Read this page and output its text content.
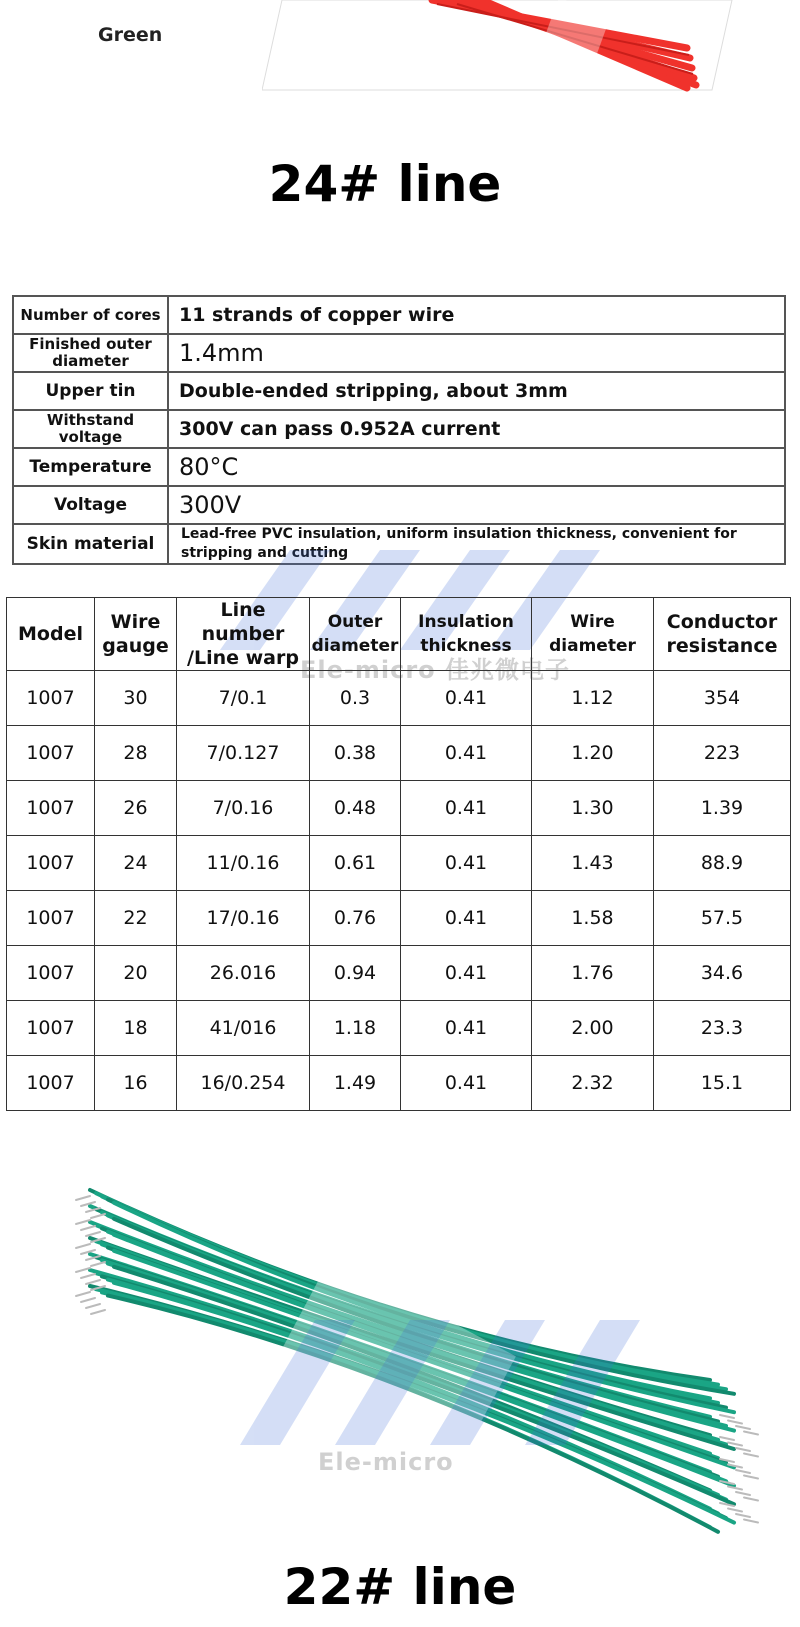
Green
24# line
Number of cores	11 strands of copper wire
Finished outer diameter	1.4mm
Upper tin	Double-ended stripping, about 3mm
Withstand voltage	300V can pass 0.952A current
Temperature	80°C
Voltage	300V
Skin material	Lead-free PVC insulation, uniform insulation thickness, convenient for stripping and cutting
Ele-micro 佳兆微电子
Model	Wire gauge	Line number /Line warp	Outer diameter	Insulation thickness	Wire diameter	Conductor resistance
1007	30	7/0.1	0.3	0.41	1.12	354
1007	28	7/0.127	0.38	0.41	1.20	223
1007	26	7/0.16	0.48	0.41	1.30	1.39
1007	24	11/0.16	0.61	0.41	1.43	88.9
1007	22	17/0.16	0.76	0.41	1.58	57.5
1007	20	26.016	0.94	0.41	1.76	34.6
1007	18	41/016	1.18	0.41	2.00	23.3
1007	16	16/0.254	1.49	0.41	2.32	15.1
Ele-micro
22# line
